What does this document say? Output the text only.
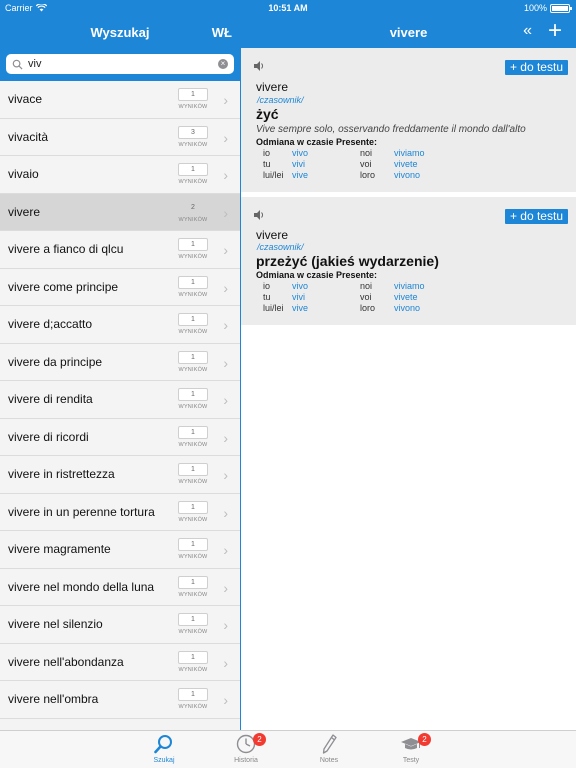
Carrier	10:51 AM	100%
Wyszukaj	WŁ
viv
×
vivace	1
WYNIKÓW	›
vivacità	3
WYNIKÓW	›
vivaio	1
WYNIKÓW	›
vivere	2
WYNIKÓW	›
vivere a fianco di qlcu	1
WYNIKÓW	›
vivere come principe	1
WYNIKÓW	›
vivere d;accatto	1
WYNIKÓW	›
vivere da principe	1
WYNIKÓW	›
vivere di rendita	1
WYNIKÓW	›
vivere di ricordi	1
WYNIKÓW	›
vivere in ristrettezza	1
WYNIKÓW	›
vivere in un perenne tortura	1
WYNIKÓW	›
vivere magramente	1
WYNIKÓW	›
vivere nel mondo della luna	1
WYNIKÓW	›
vivere nel silenzio	1
WYNIKÓW	›
vivere nell'abondanza	1
WYNIKÓW	›
vivere nell'ombra	1
WYNIKÓW	›
vivere	« +
+ do testu
vivere
/czasownik/
żyć
Vive sempre solo, osservando freddamente il mondo dall'alto
Odmiana w czasie Presente:
io vivo	noi viviamo
tu vivi	voi vivete
lui/lei vive	loro vivono
+ do testu
vivere
/czasownik/
przeżyć (jakieś wydarzenie)
Odmiana w czasie Presente:
io vivo	noi viviamo
tu vivi	voi vivete
lui/lei vive	loro vivono
Szukaj	Historia
2
Notes	Testy
2
